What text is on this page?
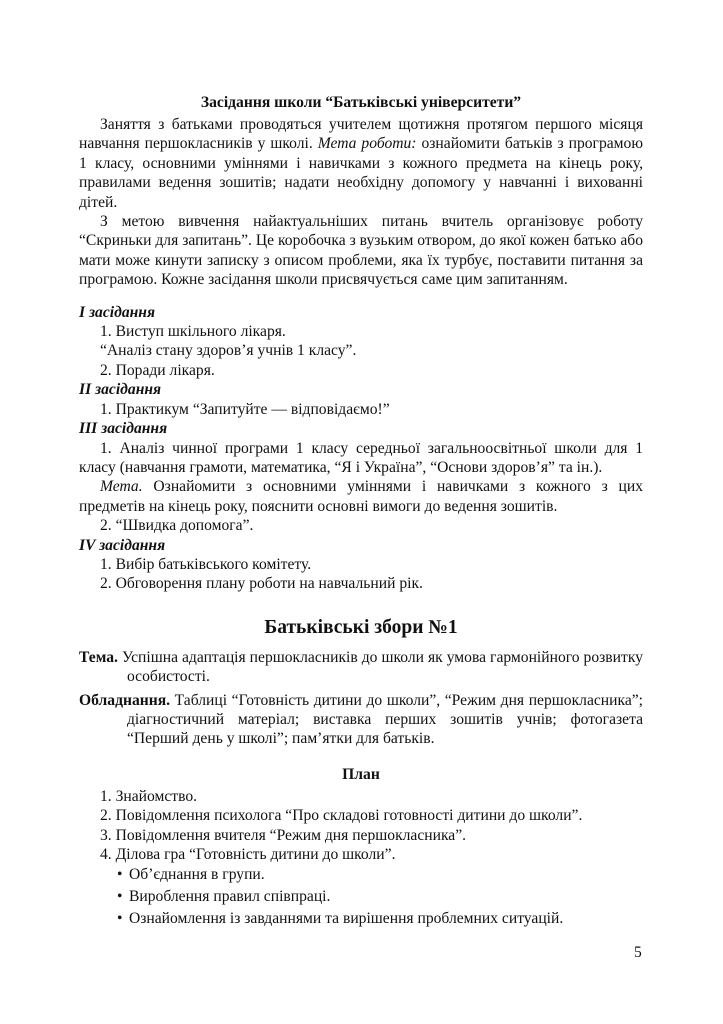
Засідання школи “Батьківські університети”

Заняття з батьками проводяться учителем щотижня протягом першого місяця навчання першокласників у школі. Мета роботи: ознайомити батьків з програмою 1 класу, основними уміннями і навичками з кожного предмета на кінець року, правилами ведення зошитів; надати необхідну допомогу у навчанні і вихованні дітей.

З метою вивчення найактуальніших питань вчитель організовує роботу “Скриньки для запитань”. Це коробочка з вузьким отвором, до якої кожен батько або мати може кинути записку з описом проблеми, яка їх турбує, поставити питання за програмою. Кожне засідання школи присвячується саме цим запитанням.

I засідання

1. Виступ шкільного лікаря.

“Аналіз стану здоров’я учнів 1 класу”.

2. Поради лікаря.

II засідання

1. Практикум “Запитуйте — відповідаємо!”

III засідання

1. Аналіз чинної програми 1 класу середньої загальноосвітньої школи для 1 класу (навчання грамоти, математика, “Я і Україна”, “Основи здоров’я” та ін.).

Мета. Ознайомити з основними уміннями і навичками з кожного з цих предметів на кінець року, пояснити основні вимоги до ведення зошитів.

2. “Швидка допомога”.

IV засідання

1. Вибір батьківського комітету.

2. Обговорення плану роботи на навчальний рік.

Батьківські збори №1

Тема. Успішна адаптація першокласників до школи як умова гармонійного розвитку особистості.

Обладнання. Таблиці “Готовність дитини до школи”, “Режим дня першокласника”; діагностичний матеріал; виставка перших зошитів учнів; фотогазета “Перший день у школі”; пам’ятки для батьків.

План

1. Знайомство.

2. Повідомлення психолога “Про складові готовності дитини до школи”.

3. Повідомлення вчителя “Режим дня першокласника”.

4. Ділова гра “Готовність дитини до школи”.

• Об’єднання в групи.

• Вироблення правил співпраці.

• Ознайомлення із завданнями та вирішення проблемних ситуацій.

5
